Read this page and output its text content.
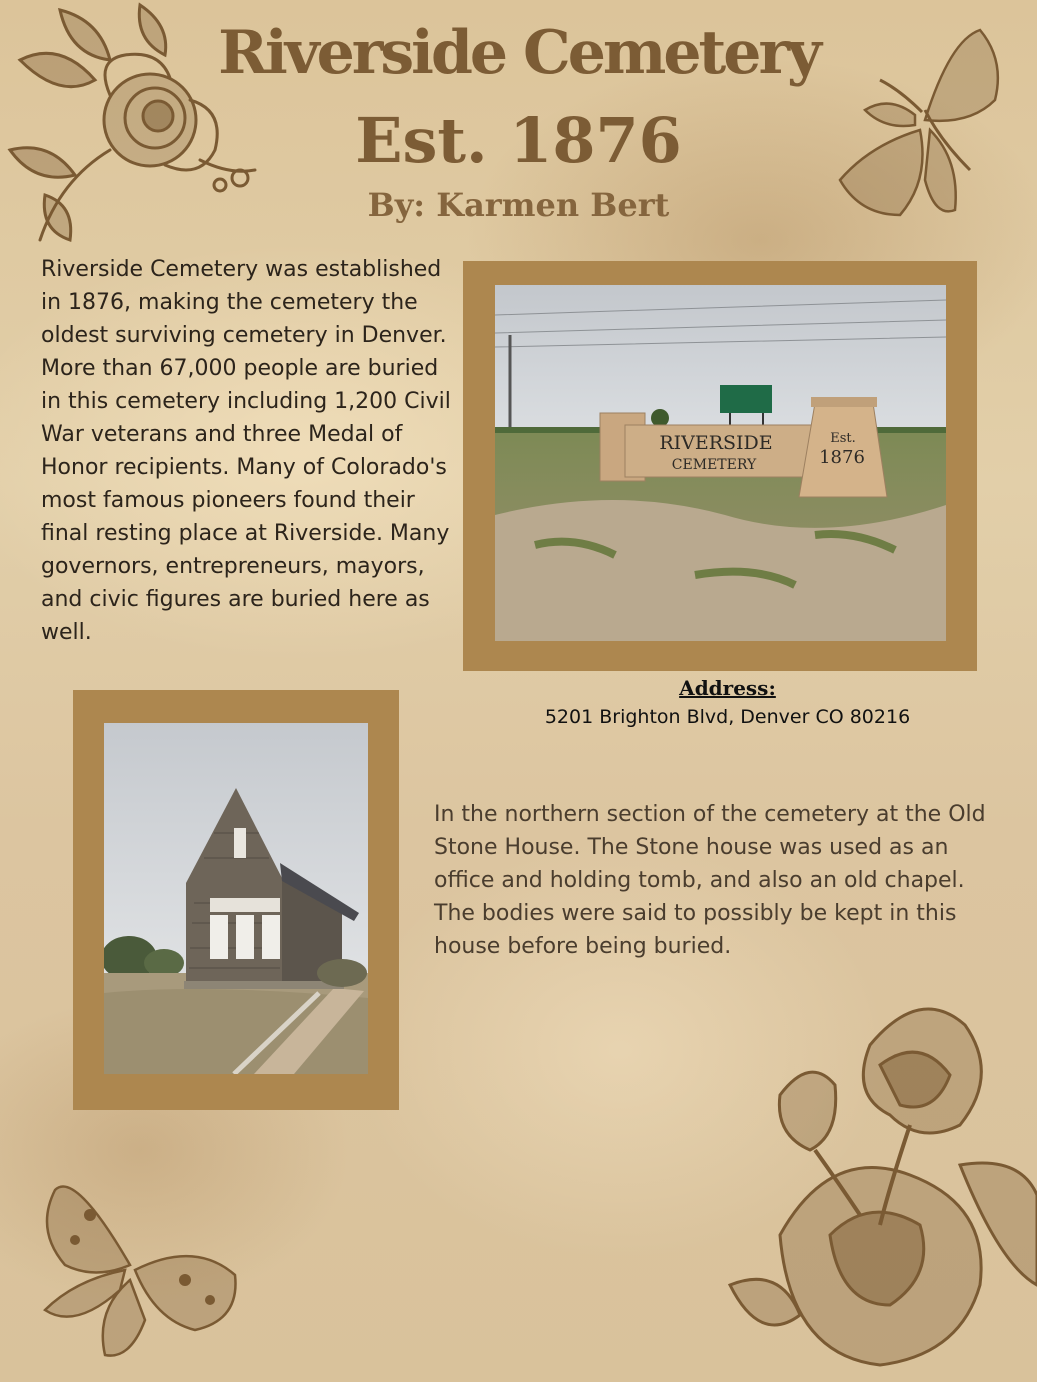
Riverside Cemetery
Est. 1876
By: Karmen Bert

Riverside Cemetery was established in 1876, making the cemetery the oldest surviving cemetery in Denver. More than 67,000 people are buried in this cemetery including 1,200 Civil War veterans and three Medal of Honor recipients. Many of Colorado's most famous pioneers found their final resting place at Riverside. Many governors, entrepreneurs, mayors, and civic figures are buried here as well.

RIVERSIDE
CEMETERY
Est.
1876
Address:
5201 Brighton Blvd, Denver CO 80216

In the northern section of the cemetery at the Old Stone House. The Stone house was used as an office and holding tomb, and also an old chapel. The bodies were said to possibly be kept in this house before being buried.
